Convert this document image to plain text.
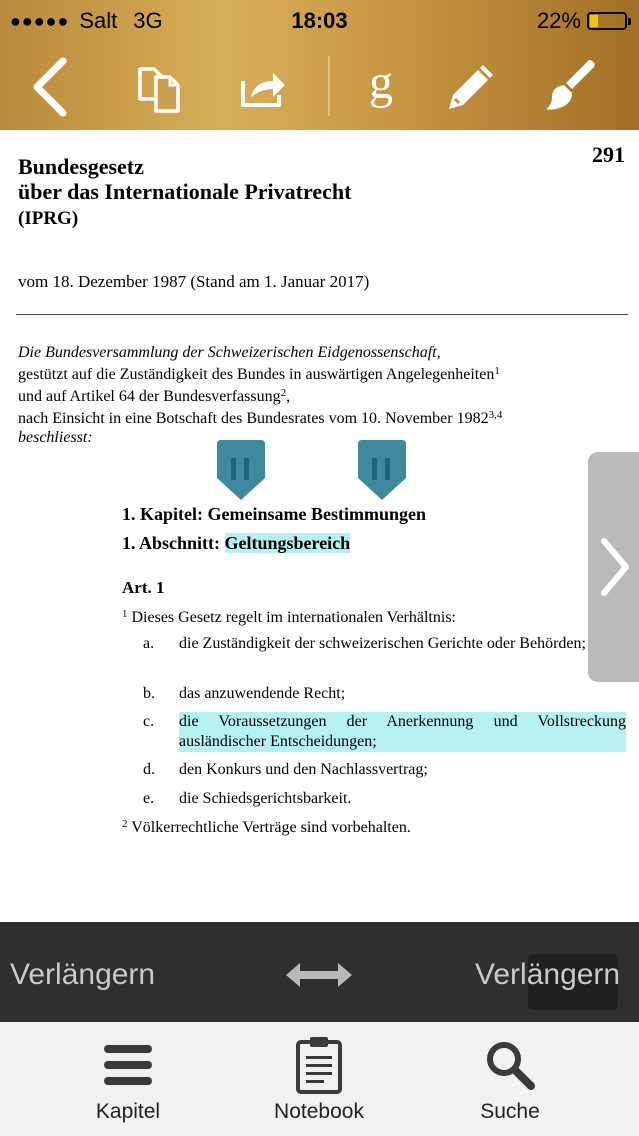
●●●●● Salt 3G	18:03	22%
g
291
Bundesgesetz
über das Internationale Privatrecht
(IPRG)
vom 18. Dezember 1987 (Stand am 1. Januar 2017)
Die Bundesversammlung der Schweizerischen Eidgenossenschaft,
gestützt auf die Zuständigkeit des Bundes in auswärtigen Angelegenheiten$^1$
und auf Artikel 64 der Bundesverfassung$^2$,
nach Einsicht in eine Botschaft des Bundesrates vom 10. November 1982$^{3,4}$
beschliesst:
1. Kapitel: Gemeinsame Bestimmungen
1. Abschnitt: Geltungsbereich
Art. 1
$^1$ Dieses Gesetz regelt im internationalen Verhältnis:
a.	die Zuständigkeit der schweizerischen Gerichte oder Behörden;
b.	das anzuwendende Recht;
c.	die Voraussetzungen der Anerkennung und Vollstreckung ausländischer Entscheidungen;
d.	den Konkurs und den Nachlassvertrag;
e.	die Schiedsgerichtsbarkeit.
$^2$ Völkerrechtliche Verträge sind vorbehalten.
Verlängern	Verlängern
Kapitel	Notebook	Suche
